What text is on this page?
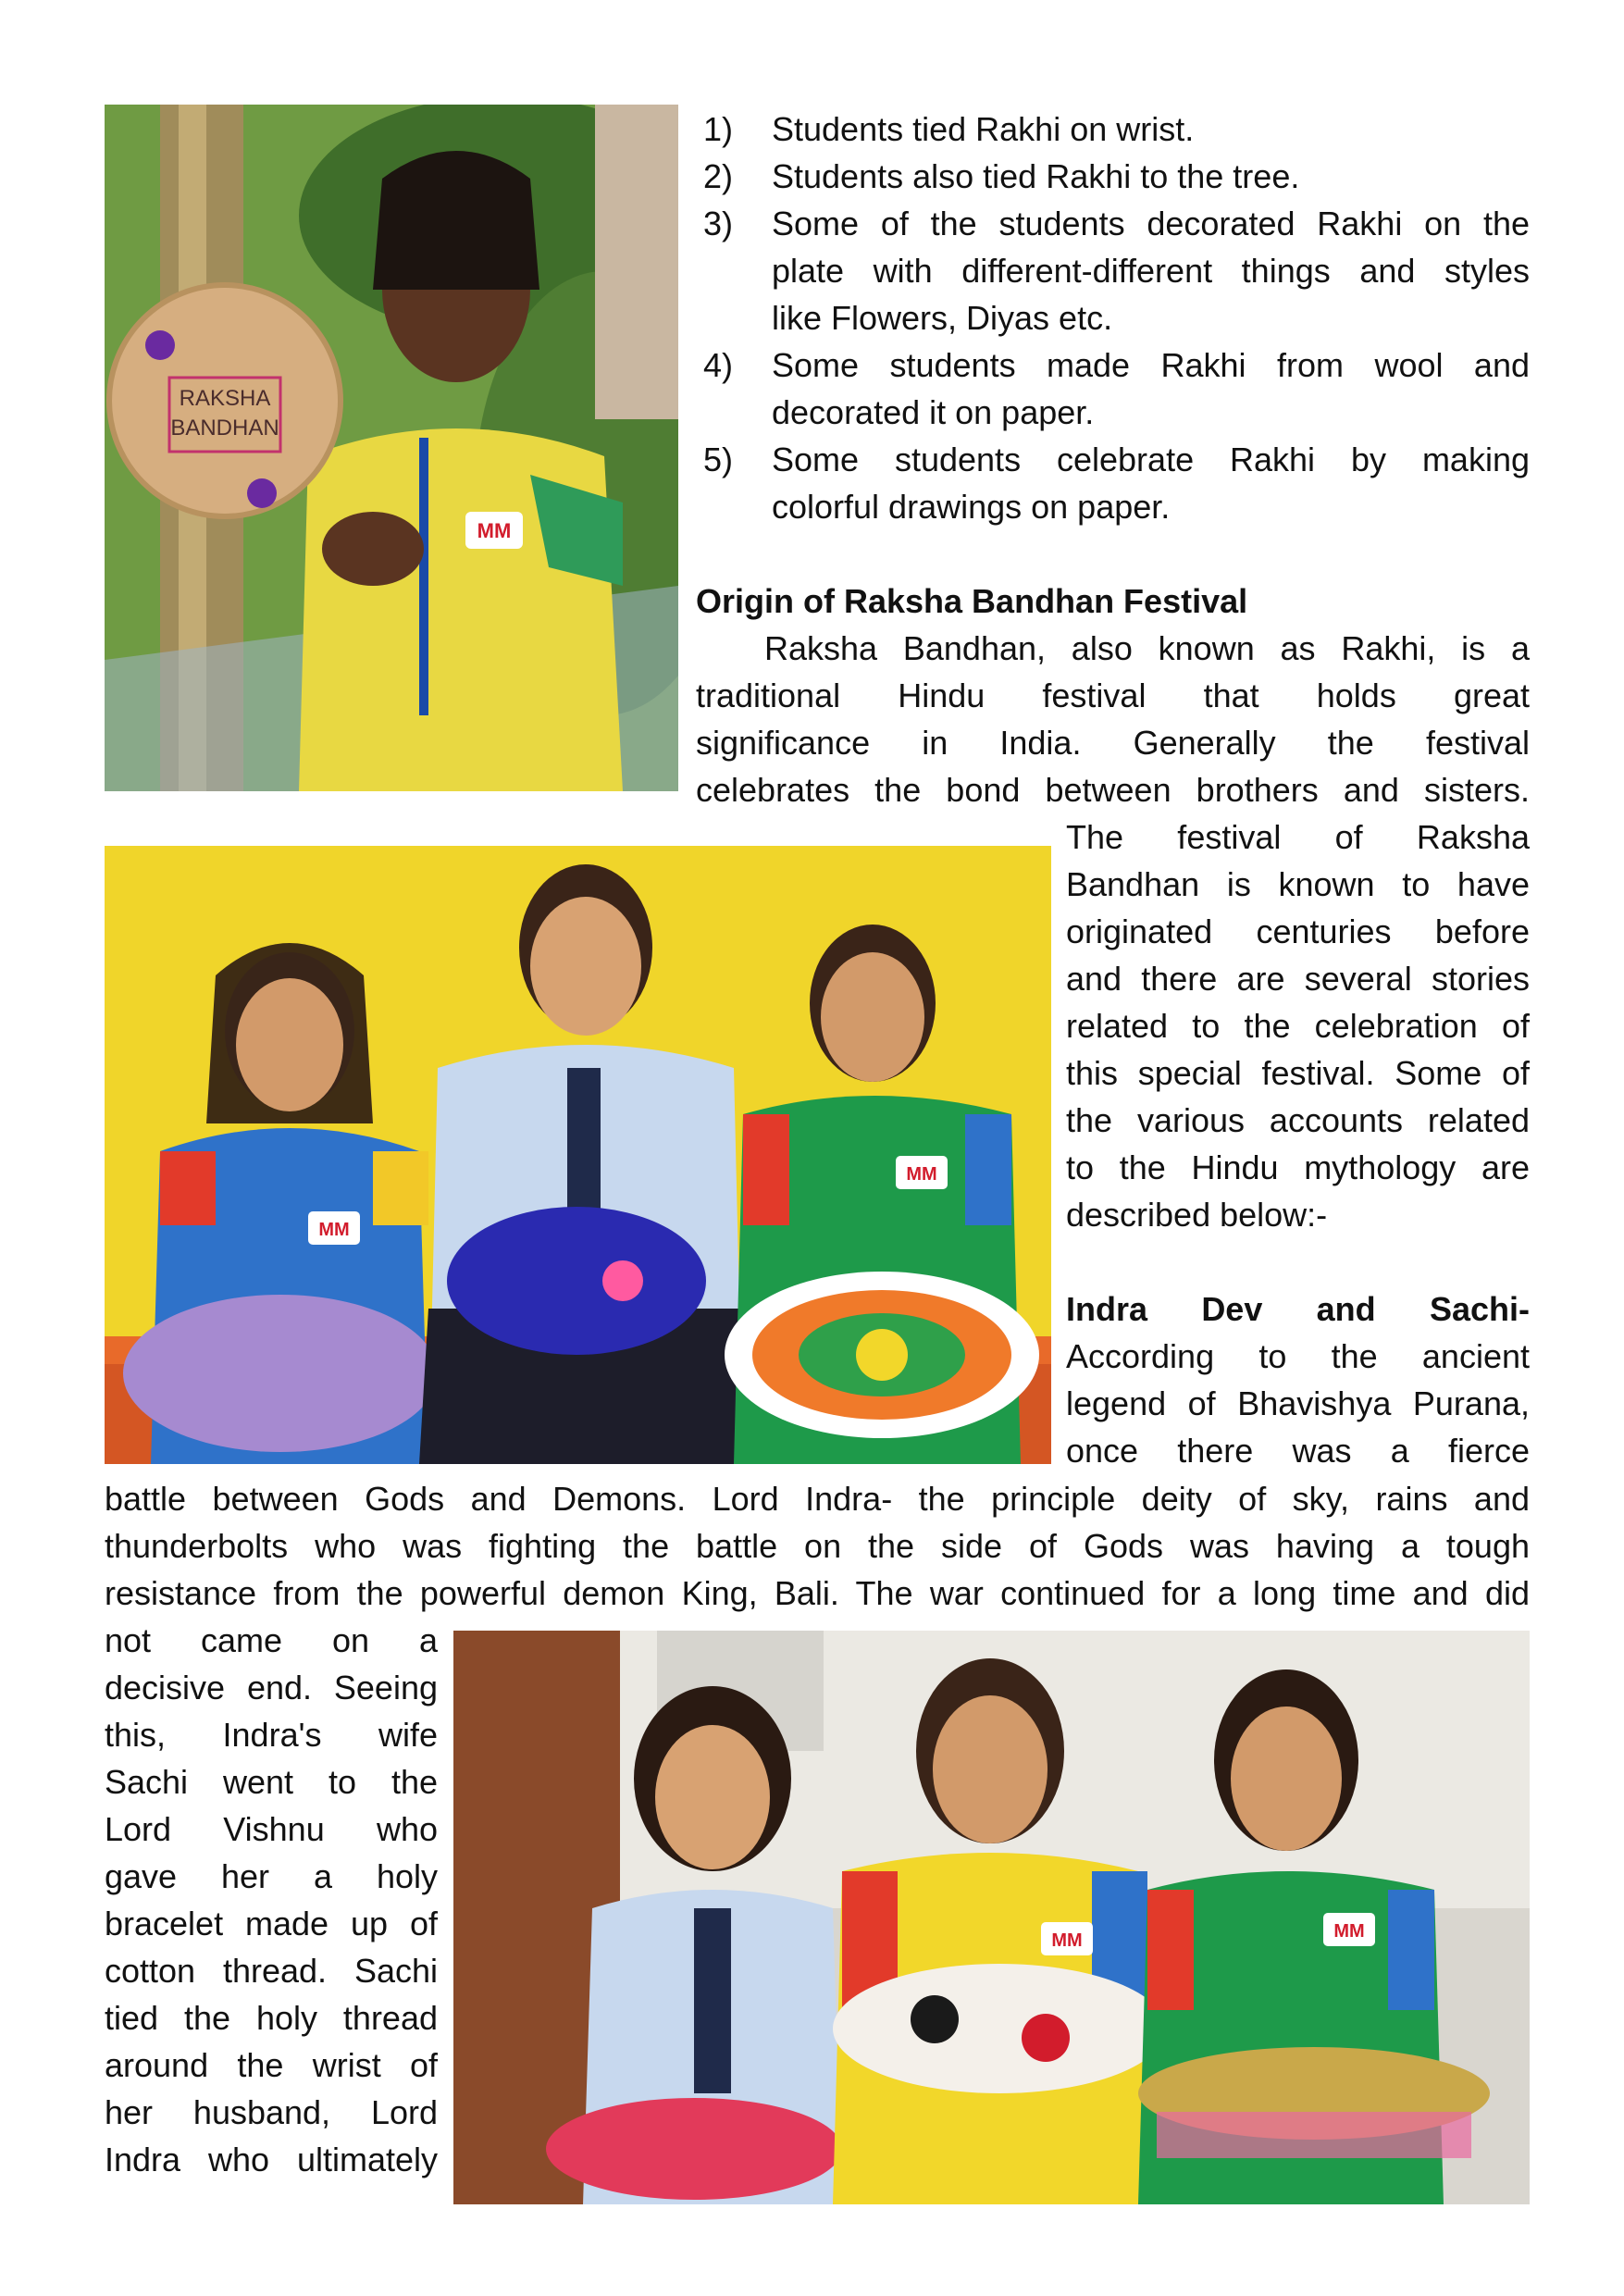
MM
RAKSHA BANDHAN
1) Students tied Rakhi on wrist.
2) Students also tied Rakhi to the tree.
3) Some of the students decorated Rakhi on the
plate with different-different things and styles
like Flowers, Diyas etc.
4) Some students made Rakhi from wool and
decorated it on paper.
5) Some students celebrate Rakhi by making
colorful drawings on paper.
Origin of Raksha Bandhan Festival
Raksha Bandhan, also known as Rakhi, is a
traditional Hindu festival that holds great
significance in India. Generally the festival
celebrates the bond between brothers and sisters.
MM
MM
The festival of Raksha
Bandhan is known to have
originated centuries before
and there are several stories
related to the celebration of
this special festival. Some of
the various accounts related
to the Hindu mythology are
described below:-

Indra Dev and Sachi-
According to the ancient
legend of Bhavishya Purana,
once there was a fierce
battle between Gods and Demons. Lord Indra- the principle deity of sky, rains and
thunderbolts who was fighting the battle on the side of Gods was having a tough
resistance from the powerful demon King, Bali. The war continued for a long time and did
not came on a
decisive end. Seeing
this, Indra's wife
Sachi went to the
Lord Vishnu who
gave her a holy
bracelet made up of
cotton thread. Sachi
tied the holy thread
around the wrist of
her husband, Lord
Indra who ultimately
MM	MM
